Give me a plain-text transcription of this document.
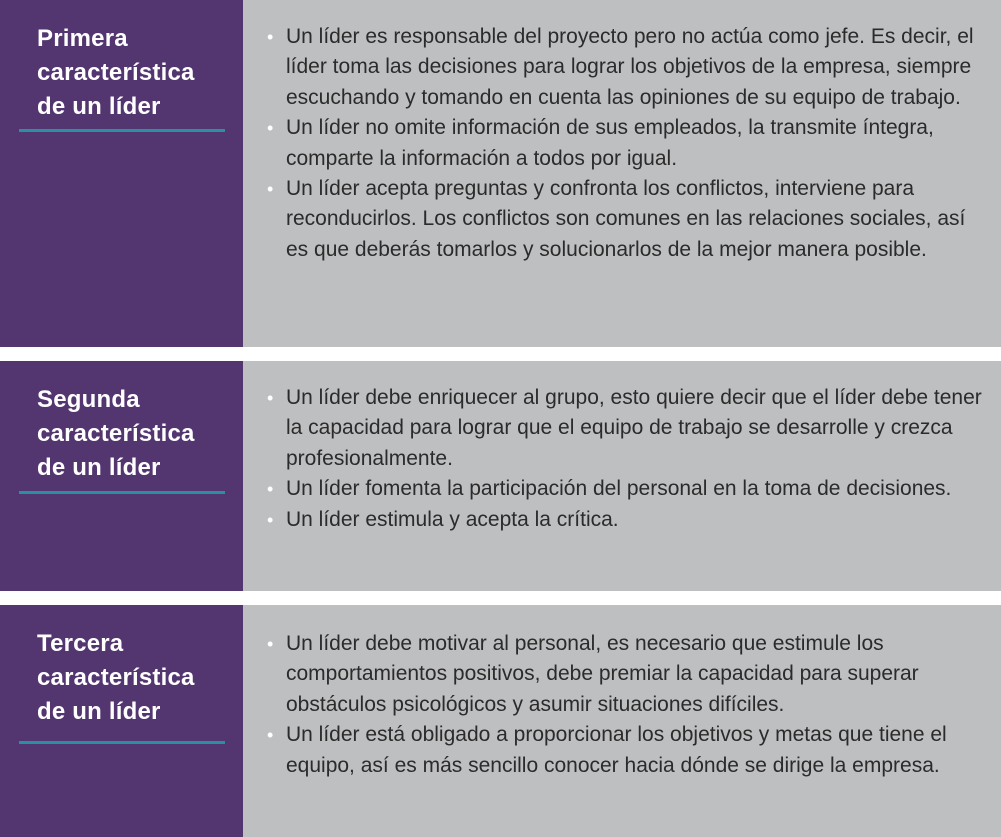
Primera
característica
de un líder
• Un líder es responsable del proyecto pero no actúa como jefe. Es decir, el líder toma las decisiones para lograr los objetivos de la empresa, siempre escuchando y tomando en cuenta las opiniones de su equipo de trabajo.
• Un líder no omite información de sus empleados, la transmite íntegra, comparte la información a todos por igual.
• Un líder acepta preguntas y confronta los conflictos, interviene para reconducirlos. Los conflictos son comunes en las relaciones sociales, así es que deberás tomarlos y solucionarlos de la mejor manera posible.
Segunda
característica
de un líder
• Un líder debe enriquecer al grupo, esto quiere decir que el líder debe tener la capacidad para lograr que el equipo de trabajo se desarrolle y crezca profesionalmente.
• Un líder fomenta la participación del personal en la toma de decisiones.
• Un líder estimula y acepta la crítica.
Tercera
característica
de un líder
• Un líder debe motivar al personal, es necesario que estimule los comportamientos positivos, debe premiar la capacidad para superar obstáculos psicológicos y asumir situaciones difíciles.
• Un líder está obligado a proporcionar los objetivos y metas que tiene el equipo, así es más sencillo conocer hacia dónde se dirige la empresa.
